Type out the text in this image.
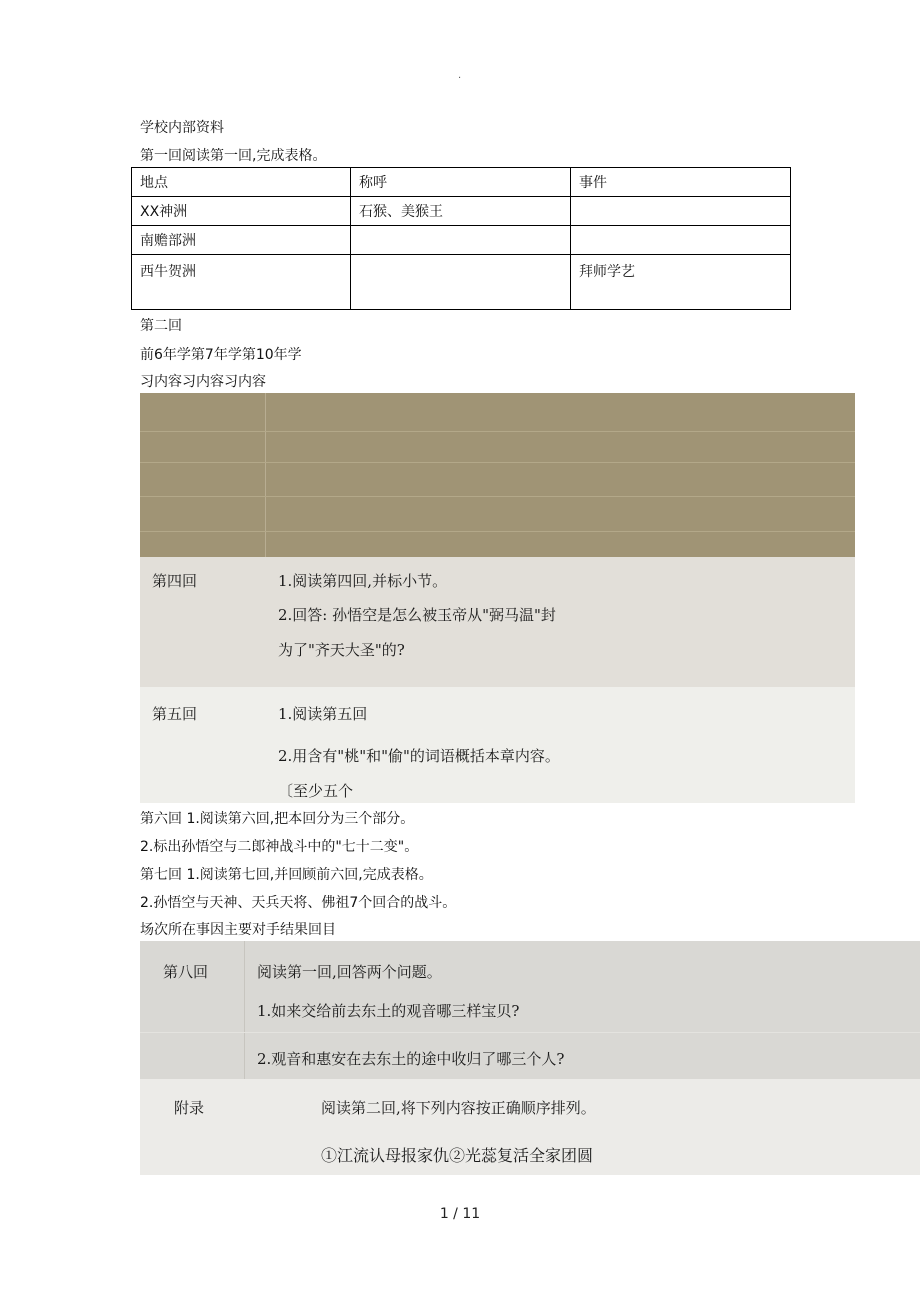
.
学校内部资料
第一回阅读第一回,完成表格。
地点	称呼	事件
XX神洲	石猴、美猴王	
南赡部洲		
西牛贺洲		拜师学艺
第二回
前6年学第7年学第10年学
习内容习内容习内容
第四回	1.阅读第四回,并标小节。
2.回答: 孙悟空是怎么被玉帝从"弼马温"封
为了"齐天大圣"的?
第五回	1.阅读第五回
2.用含有"桃"和"偷"的词语概括本章内容。
〔至少五个
第六回 1.阅读第六回,把本回分为三个部分。
2.标出孙悟空与二郎神战斗中的"七十二变"。
第七回 1.阅读第七回,并回顾前六回,完成表格。
2.孙悟空与天神、天兵天将、佛祖7个回合的战斗。
场次所在事因主要对手结果回目
第八回	阅读第一回,回答两个问题。
1.如来交给前去东土的观音哪三样宝贝?
2.观音和惠安在去东土的途中收归了哪三个人?
附录	阅读第二回,将下列内容按正确顺序排列。
①江流认母报家仇②光蕊复活全家团圆
1 / 11
